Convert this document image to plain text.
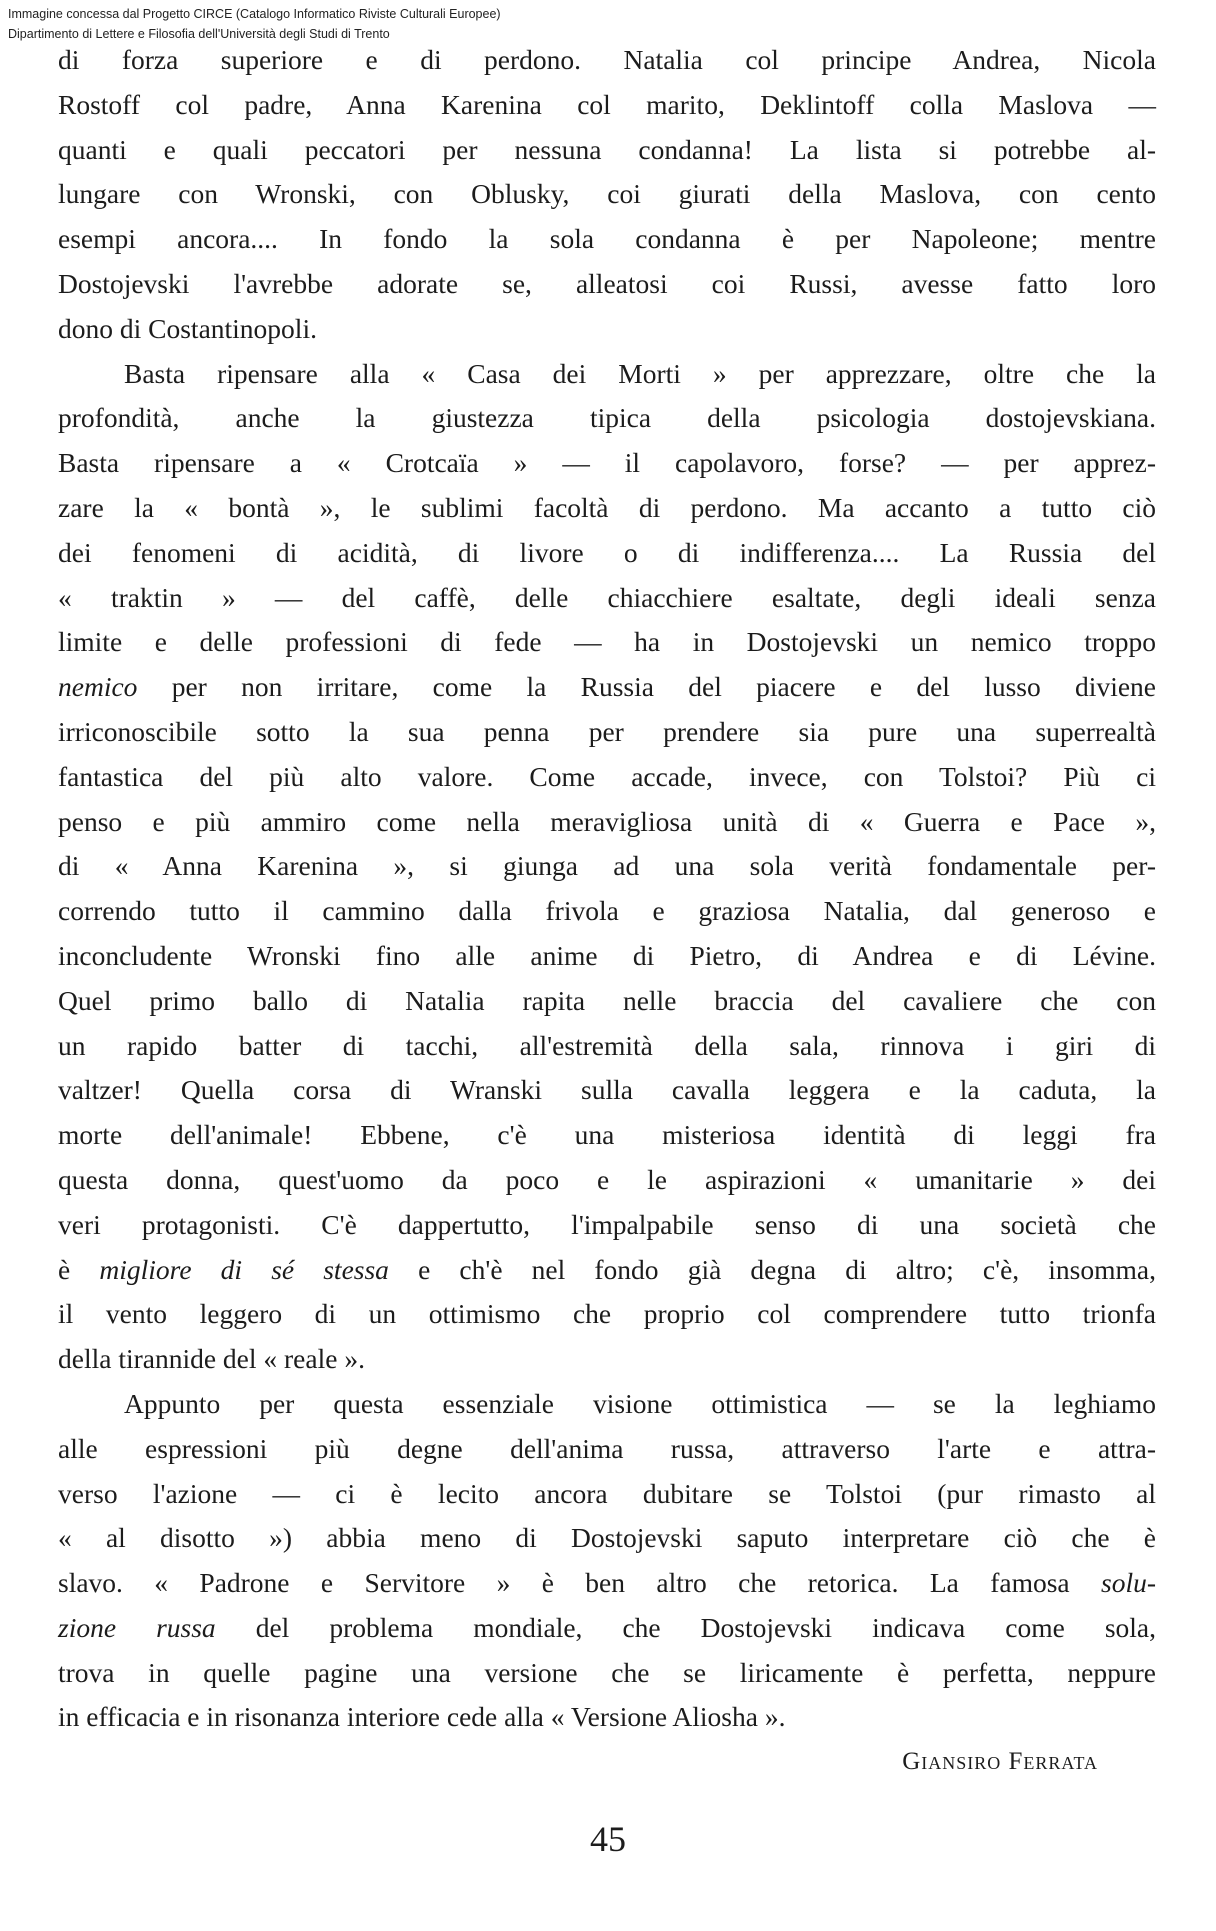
Immagine concessa dal Progetto CIRCE (Catalogo Informatico Riviste Culturali Europee)
Dipartimento di Lettere e Filosofia dell'Università degli Studi di Trento
di forza superiore e di perdono. Natalia col principe Andrea, Nicola
Rostoff col padre, Anna Karenina col marito, Deklintoff colla Maslova —
quanti e quali peccatori per nessuna condanna! La lista si potrebbe al-
lungare con Wronski, con Oblusky, coi giurati della Maslova, con cento
esempi ancora.... In fondo la sola condanna è per Napoleone; mentre
Dostojevski l'avrebbe adorate se, alleatosi coi Russi, avesse fatto loro
dono di Costantinopoli.
Basta ripensare alla « Casa dei Morti » per apprezzare, oltre che la
profondità, anche la giustezza tipica della psicologia dostojevskiana.
Basta ripensare a « Crotcaïa » — il capolavoro, forse? — per apprez-
zare la « bontà », le sublimi facoltà di perdono. Ma accanto a tutto ciò
dei fenomeni di acidità, di livore o di indifferenza.... La Russia del
« traktin » — del caffè, delle chiacchiere esaltate, degli ideali senza
limite e delle professioni di fede — ha in Dostojevski un nemico troppo
nemico per non irritare, come la Russia del piacere e del lusso diviene
irriconoscibile sotto la sua penna per prendere sia pure una superrealtà
fantastica del più alto valore. Come accade, invece, con Tolstoi? Più ci
penso e più ammiro come nella meravigliosa unità di « Guerra e Pace »,
di « Anna Karenina », si giunga ad una sola verità fondamentale per-
correndo tutto il cammino dalla frivola e graziosa Natalia, dal generoso e
inconcludente Wronski fino alle anime di Pietro, di Andrea e di Lévine.
Quel primo ballo di Natalia rapita nelle braccia del cavaliere che con
un rapido batter di tacchi, all'estremità della sala, rinnova i giri di
valtzer! Quella corsa di Wranski sulla cavalla leggera e la caduta, la
morte dell'animale! Ebbene, c'è una misteriosa identità di leggi fra
questa donna, quest'uomo da poco e le aspirazioni « umanitarie » dei
veri protagonisti. C'è dappertutto, l'impalpabile senso di una società che
è migliore di sé stessa e ch'è nel fondo già degna di altro; c'è, insomma,
il vento leggero di un ottimismo che proprio col comprendere tutto trionfa
della tirannide del « reale ».
Appunto per questa essenziale visione ottimistica — se la leghiamo
alle espressioni più degne dell'anima russa, attraverso l'arte e attra-
verso l'azione — ci è lecito ancora dubitare se Tolstoi (pur rimasto al
« al disotto ») abbia meno di Dostojevski saputo interpretare ciò che è
slavo. « Padrone e Servitore » è ben altro che retorica. La famosa solu-
zione russa del problema mondiale, che Dostojevski indicava come sola,
trova in quelle pagine una versione che se liricamente è perfetta, neppure
in efficacia e in risonanza interiore cede alla « Versione Aliosha ».
Giansiro Ferrata
45
